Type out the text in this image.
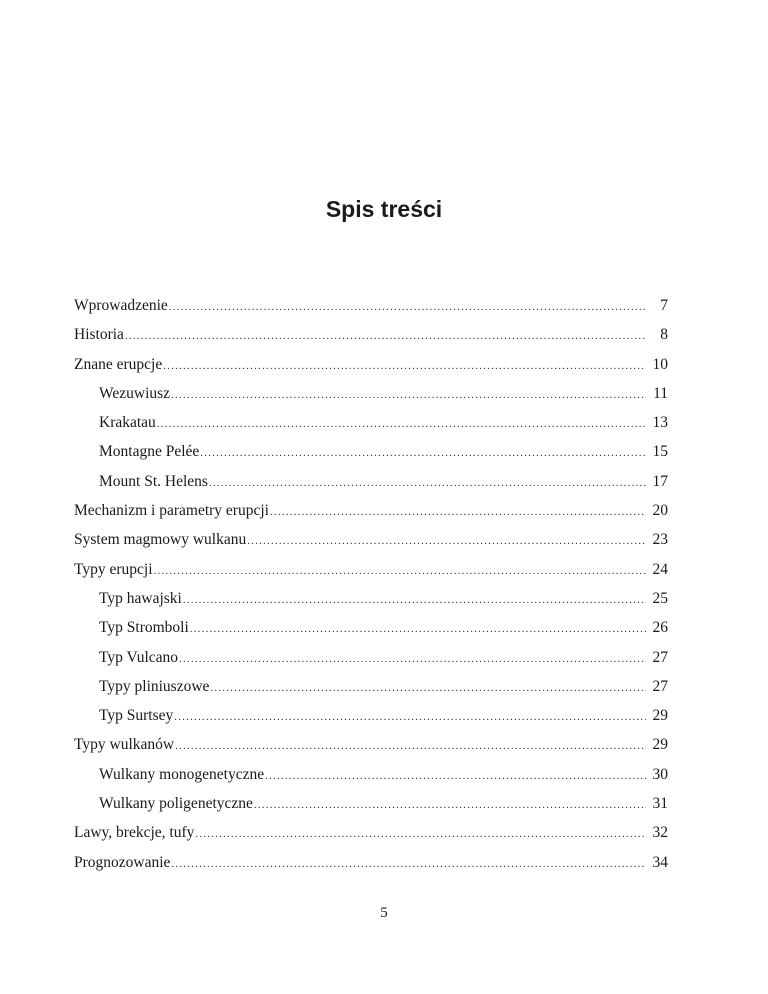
Spis treści
Wprowadzenie .....	7
Historia .....	8
Znane erupcje .....	10
Wezuwiusz .....	11
Krakatau .....	13
Montagne Pelée .....	15
Mount St. Helens .....	17
Mechanizm i parametry erupcji .....	20
System magmowy wulkanu .....	23
Typy erupcji .....	24
Typ hawajski .....	25
Typ Stromboli .....	26
Typ Vulcano .....	27
Typy pliniuszowe .....	27
Typ Surtsey .....	29
Typy wulkanów .....	29
Wulkany monogenetyczne .....	30
Wulkany poligenetyczne .....	31
Lawy, brekcje, tufy .....	32
Prognozowanie .....	34
5
